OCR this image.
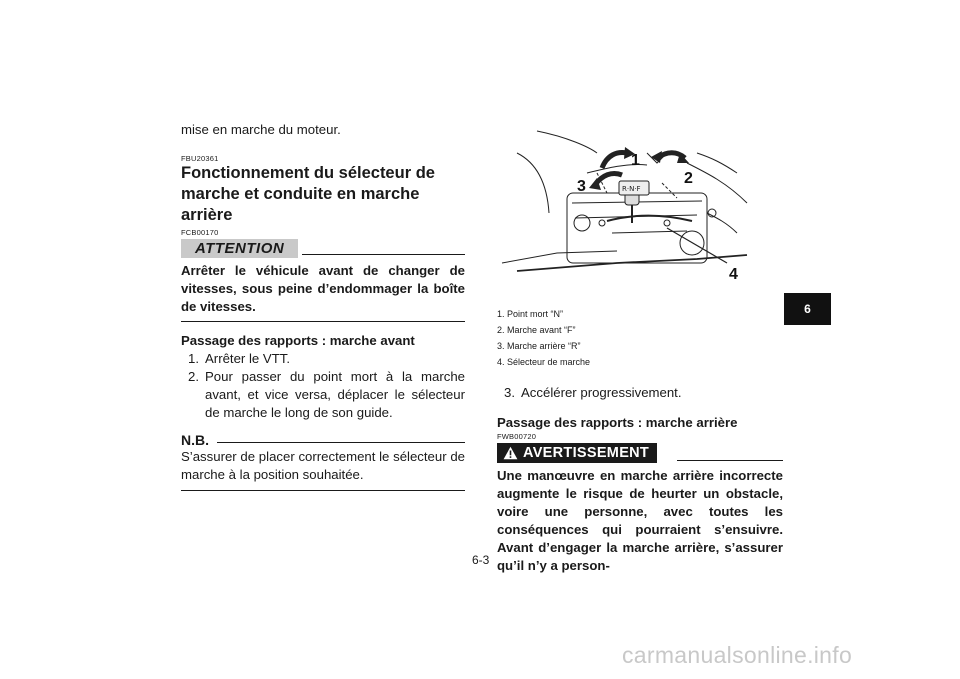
mise en marche du moteur.
FBU20361
Fonctionnement du sélecteur de
marche et conduite en marche arrière
FCB00170
ATTENTION
Arrêter le véhicule avant de changer de vitesses, sous peine d’endommager la boîte de vitesses.
Passage des rapports : marche avant
1. Arrêter le VTT.
2. Pour passer du point mort à la marche avant, et vice versa, déplacer le sélecteur de marche le long de son guide.
N.B.
S’assurer de placer correctement le sélecteur de marche à la position souhaitée.
R·N·F
1
2
3
4
1. Point mort “N”
2. Marche avant “F”
3. Marche arrière “R”
4. Sélecteur de marche
3. Accélérer progressivement.
Passage des rapports : marche arrière
FWB00720
AVERTISSEMENT
Une manœuvre en marche arrière incorrecte augmente le risque de heurter un obstacle, voire une personne, avec toutes les conséquences qui pourraient s’ensuivre. Avant d’engager la marche arrière, s’assurer qu’il n’y a person-
6-3
6
carmanualsonline.info
